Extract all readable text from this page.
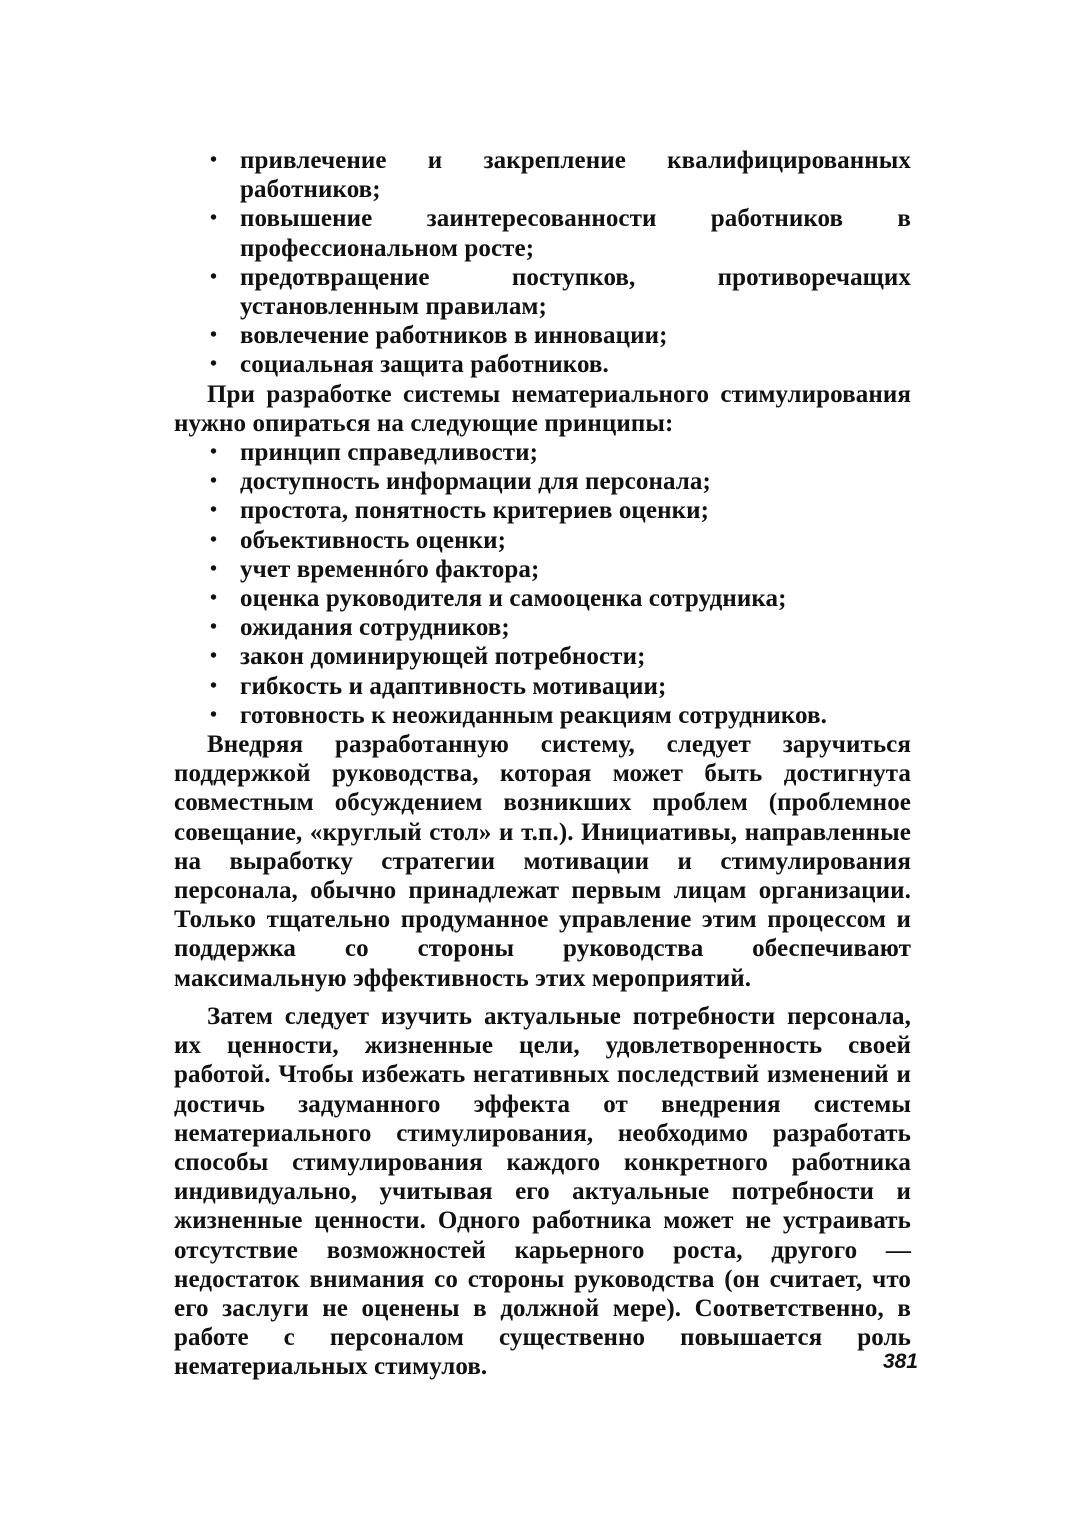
• привлечение и закрепление квалифицированных работников;
• повышение заинтересованности работников в профессиональном росте;
• предотвращение поступков, противоречащих установленным правилам;
• вовлечение работников в инновации;
• социальная защита работников.

При разработке системы нематериального стимулирования нужно опираться на следующие принципы:

• принцип справедливости;
• доступность информации для персонала;
• простота, понятность критериев оценки;
• объективность оценки;
• учет временнóго фактора;
• оценка руководителя и самооценка сотрудника;
• ожидания сотрудников;
• закон доминирующей потребности;
• гибкость и адаптивность мотивации;
• готовность к неожиданным реакциям сотрудников.

Внедряя разработанную систему, следует заручиться поддержкой руководства, которая может быть достигнута совместным обсуждением возникших проблем (проблемное совещание, «круглый стол» и т.п.). Инициативы, направленные на выработку стратегии мотивации и стимулирования персонала, обычно принадлежат первым лицам организации. Только тщательно продуманное управление этим процессом и поддержка со стороны руководства обеспечивают максимальную эффективность этих мероприятий.

Затем следует изучить актуальные потребности персонала, их ценности, жизненные цели, удовлетворенность своей работой. Чтобы избежать негативных последствий изменений и достичь задуманного эффекта от внедрения системы нематериального стимулирования, необходимо разработать способы стимулирования каждого конкретного работника индивидуально, учитывая его актуальные потребности и жизненные ценности. Одного работника может не устраивать отсутствие возможностей карьерного роста, другого — недостаток внимания со стороны руководства (он считает, что его заслуги не оценены в должной мере). Соответственно, в работе с персоналом существенно повышается роль нематериальных стимулов.	381
